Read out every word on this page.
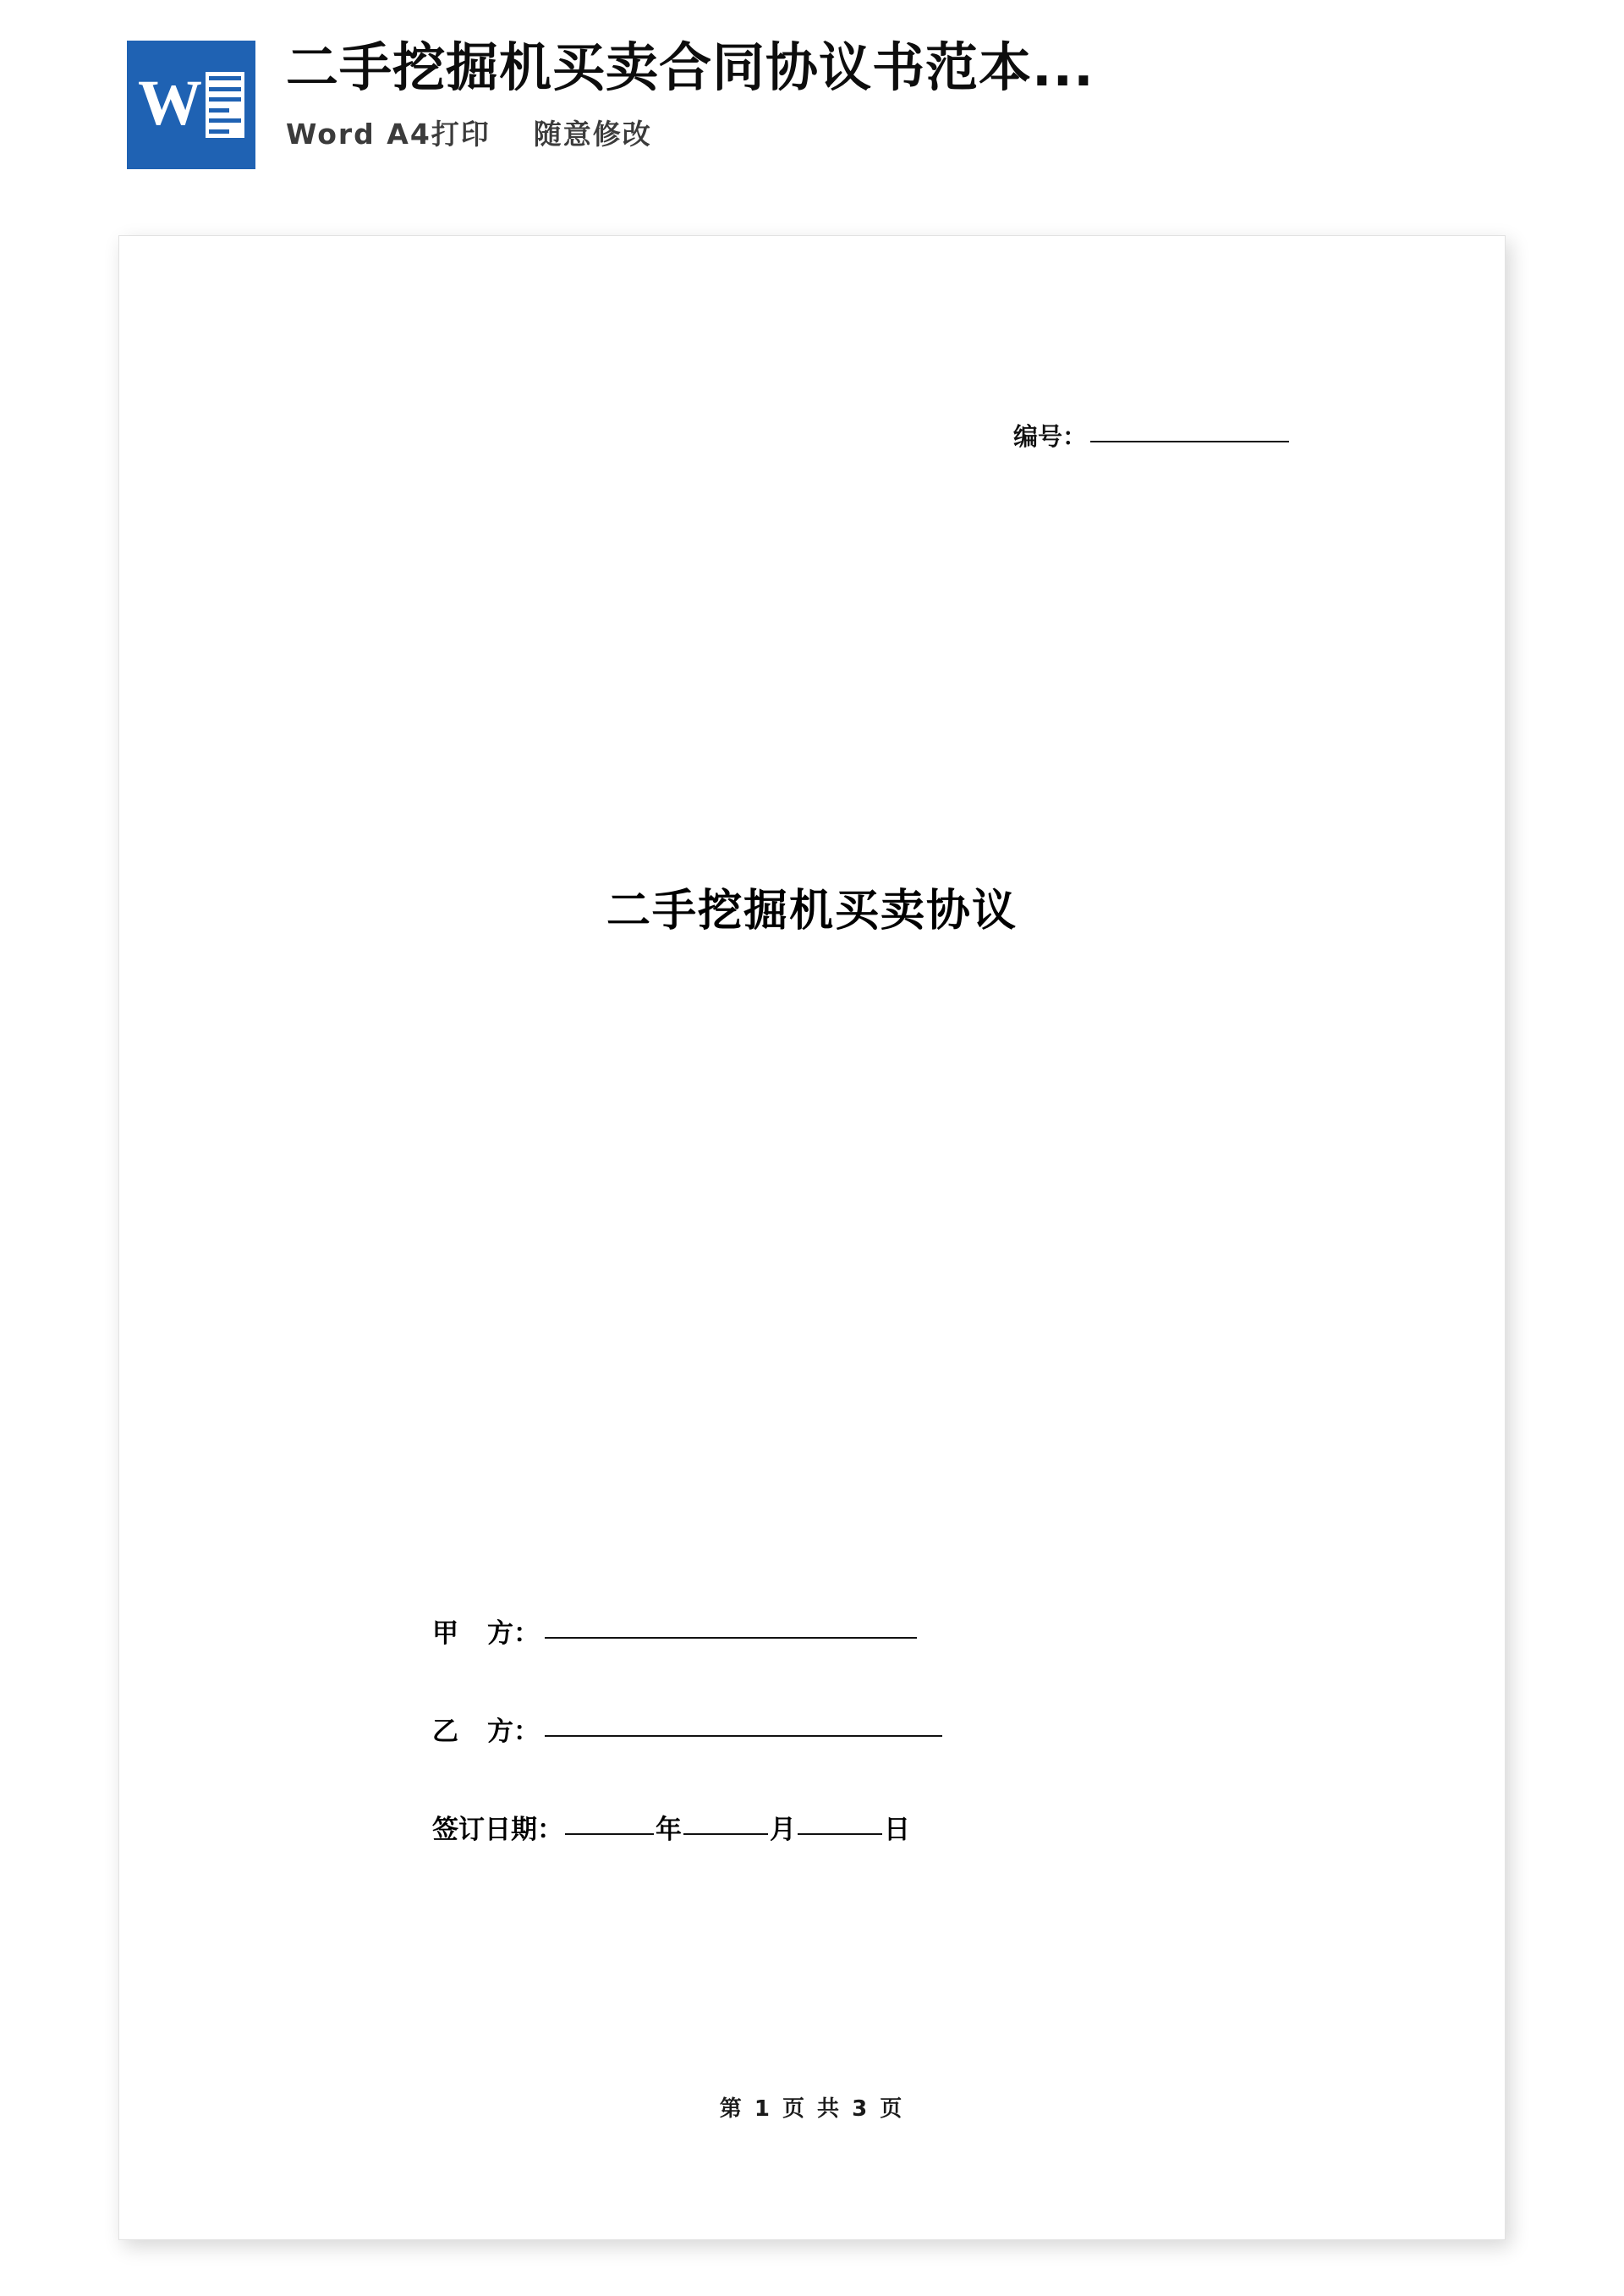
W
二手挖掘机买卖合同协议书范本...
Word A4打印 随意修改
编号：
二手挖掘机买卖协议
甲 方：
乙 方：
签订日期：	年	月	日
第 1 页 共 3 页
